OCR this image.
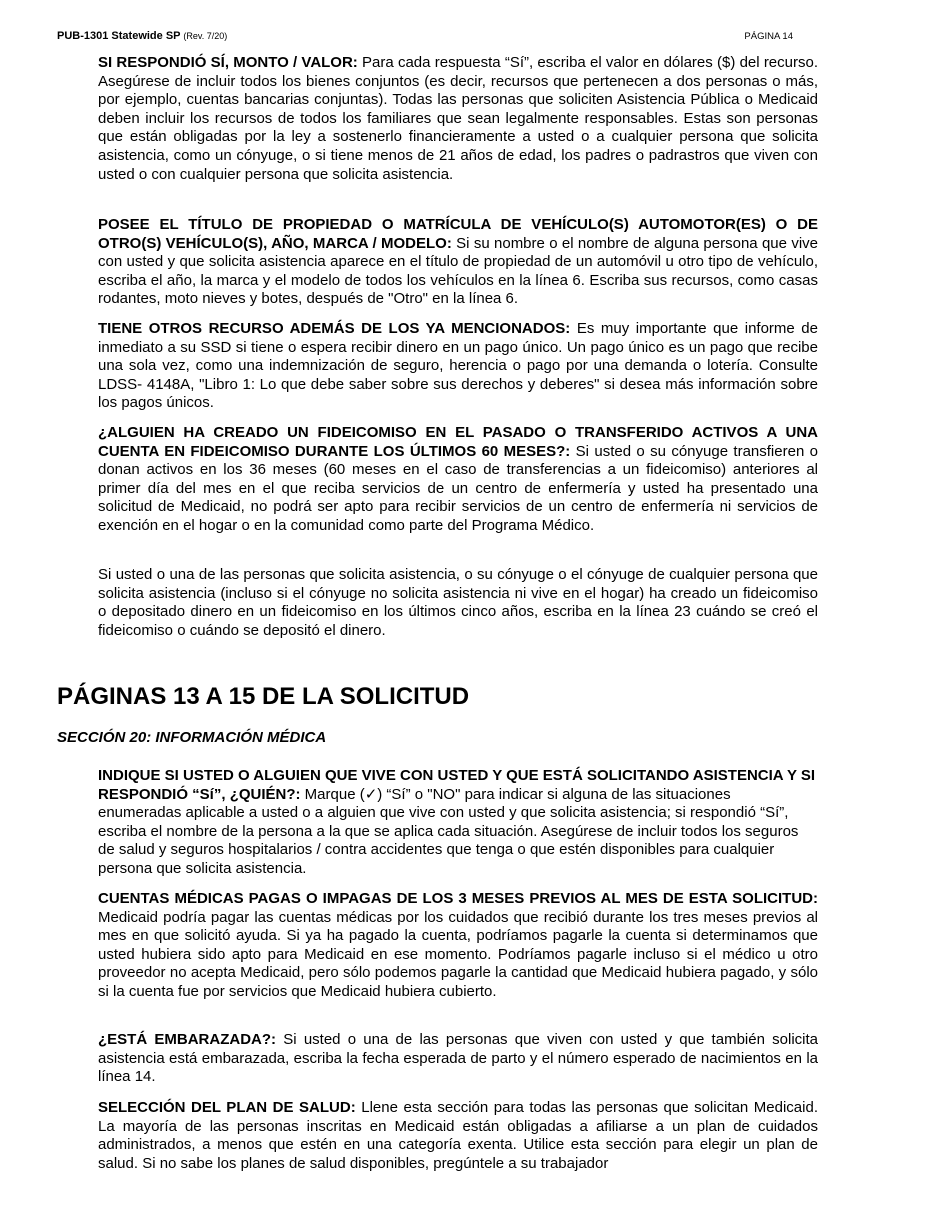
PUB-1301 Statewide SP (Rev. 7/20)	PÁGINA 14

SI RESPONDIÓ SÍ, MONTO / VALOR: Para cada respuesta “Sí”, escriba el valor en dólares ($) del recurso. Asegúrese de incluir todos los bienes conjuntos (es decir, recursos que pertenecen a dos personas o más, por ejemplo, cuentas bancarias conjuntas). Todas las personas que soliciten Asistencia Pública o Medicaid deben incluir los recursos de todos los familiares que sean legalmente responsables. Estas son personas que están obligadas por la ley a sostenerlo financieramente a usted o a cualquier persona que solicita asistencia, como un cónyuge, o si tiene menos de 21 años de edad, los padres o padrastros que viven con usted o con cualquier persona que solicita asistencia.

POSEE EL TÍTULO DE PROPIEDAD O MATRÍCULA DE VEHÍCULO(S) AUTOMOTOR(ES) O DE OTRO(S) VEHÍCULO(S), AÑO, MARCA / MODELO: Si su nombre o el nombre de alguna persona que vive con usted y que solicita asistencia aparece en el título de propiedad de un automóvil u otro tipo de vehículo, escriba el año, la marca y el modelo de todos los vehículos en la línea 6. Escriba sus recursos, como casas rodantes, moto nieves y botes, después de "Otro" en la línea 6.

TIENE OTROS RECURSO ADEMÁS DE LOS YA MENCIONADOS: Es muy importante que informe de inmediato a su SSD si tiene o espera recibir dinero en un pago único. Un pago único es un pago que recibe una sola vez, como una indemnización de seguro, herencia o pago por una demanda o lotería. Consulte LDSS- 4148A, "Libro 1: Lo que debe saber sobre sus derechos y deberes" si desea más información sobre los pagos únicos.

¿ALGUIEN HA CREADO UN FIDEICOMISO EN EL PASADO O TRANSFERIDO ACTIVOS A UNA CUENTA EN FIDEICOMISO DURANTE LOS ÚLTIMOS 60 MESES?: Si usted o su cónyuge transfieren o donan activos en los 36 meses (60 meses en el caso de transferencias a un fideicomiso) anteriores al primer día del mes en el que reciba servicios de un centro de enfermería y usted ha presentado una solicitud de Medicaid, no podrá ser apto para recibir servicios de un centro de enfermería ni servicios de exención en el hogar o en la comunidad como parte del Programa Médico.

Si usted o una de las personas que solicita asistencia, o su cónyuge o el cónyuge de cualquier persona que solicita asistencia (incluso si el cónyuge no solicita asistencia ni vive en el hogar) ha creado un fideicomiso o depositado dinero en un fideicomiso en los últimos cinco años, escriba en la línea 23 cuándo se creó el fideicomiso o cuándo se depositó el dinero.

PÁGINAS 13 A 15 DE LA SOLICITUD
SECCIÓN 20: INFORMACIÓN MÉDICA

INDIQUE SI USTED O ALGUIEN QUE VIVE CON USTED Y QUE ESTÁ SOLICITANDO ASISTENCIA Y SI RESPONDIÓ “Sí”, ¿QUIÉN?: Marque (✓) “Sí” o "NO" para indicar si alguna de las situaciones enumeradas aplicable a usted o a alguien que vive con usted y que solicita asistencia; si respondió “Sí”, escriba el nombre de la persona a la que se aplica cada situación. Asegúrese de incluir todos los seguros de salud y seguros hospitalarios / contra accidentes que tenga o que estén disponibles para cualquier persona que solicita asistencia.

CUENTAS MÉDICAS PAGAS O IMPAGAS DE LOS 3 MESES PREVIOS AL MES DE ESTA SOLICITUD: Medicaid podría pagar las cuentas médicas por los cuidados que recibió durante los tres meses previos al mes en que solicitó ayuda. Si ya ha pagado la cuenta, podríamos pagarle la cuenta si determinamos que usted hubiera sido apto para Medicaid en ese momento. Podríamos pagarle incluso si el médico u otro proveedor no acepta Medicaid, pero sólo podemos pagarle la cantidad que Medicaid hubiera pagado, y sólo si la cuenta fue por servicios que Medicaid hubiera cubierto.

¿ESTÁ EMBARAZADA?: Si usted o una de las personas que viven con usted y que también solicita asistencia está embarazada, escriba la fecha esperada de parto y el número esperado de nacimientos en la línea 14.

SELECCIÓN DEL PLAN DE SALUD: Llene esta sección para todas las personas que solicitan Medicaid. La mayoría de las personas inscritas en Medicaid están obligadas a afiliarse a un plan de cuidados administrados, a menos que estén en una categoría exenta. Utilice esta sección para elegir un plan de salud. Si no sabe los planes de salud disponibles, pregúntele a su trabajador
